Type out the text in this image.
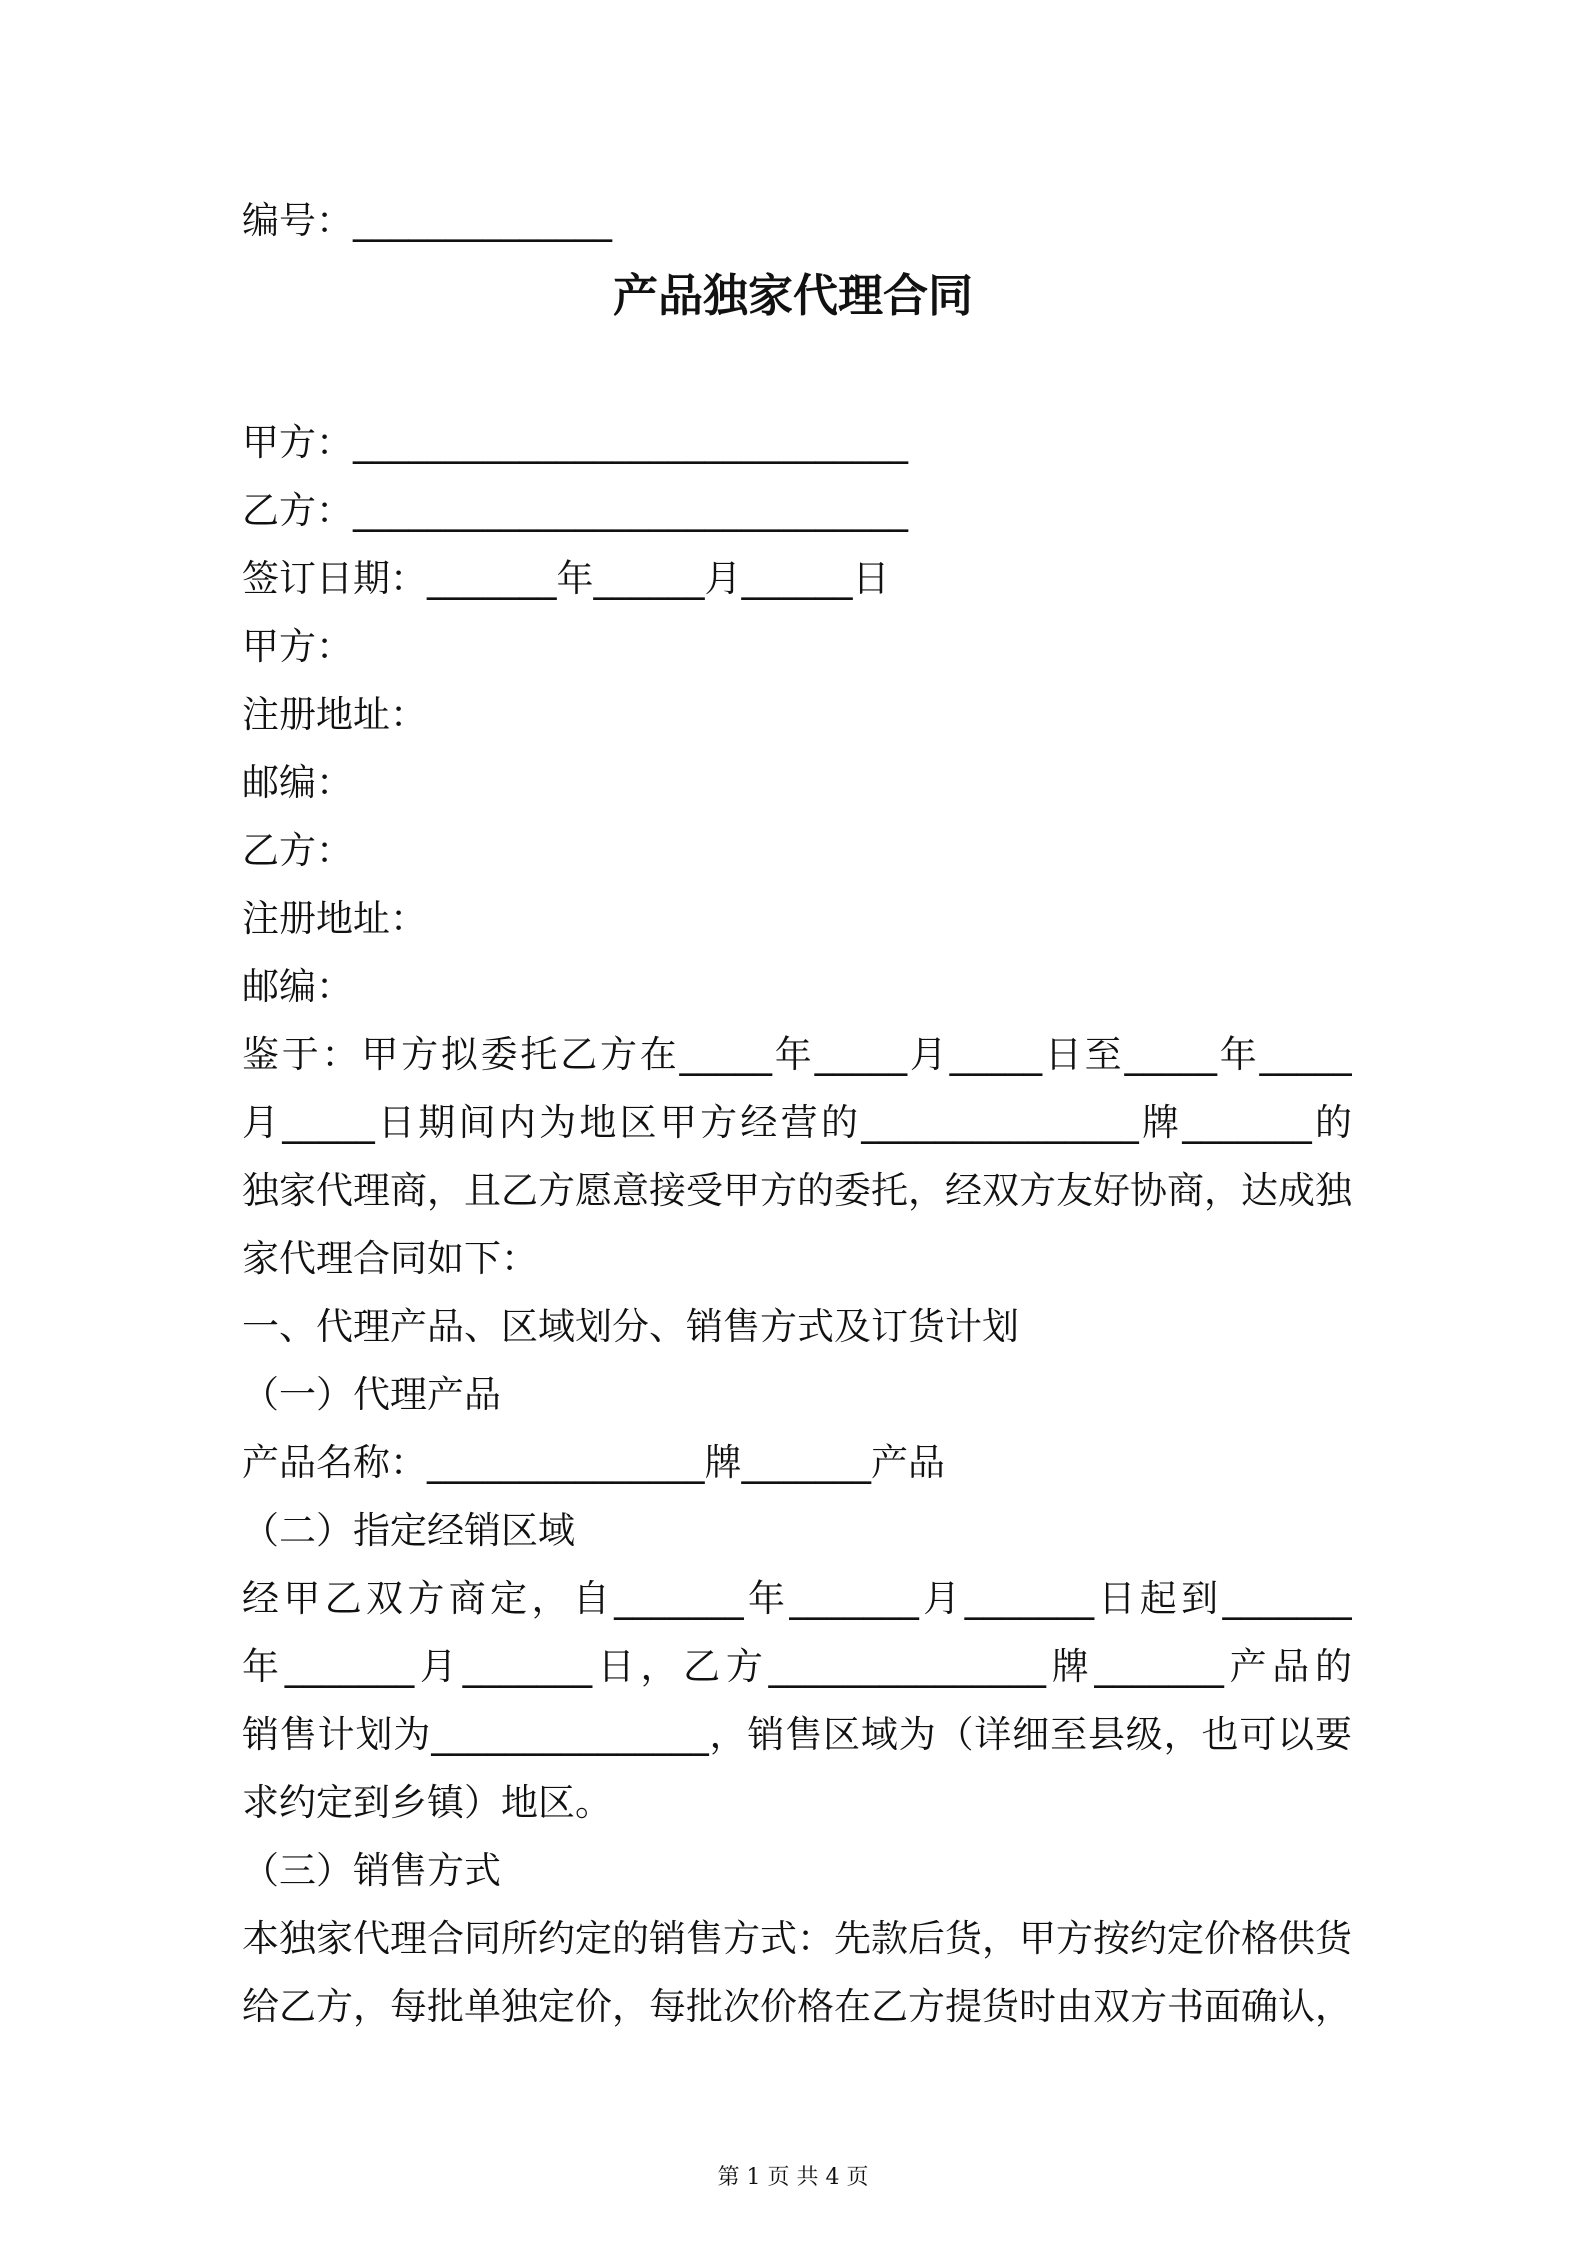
编号：______________
产品独家代理合同
甲方：______________________________
乙方：______________________________
签订日期：_______年______月______日
甲方：
注册地址：
邮编：
乙方：
注册地址：
邮编：
鉴于：甲方拟委托乙方在_____年_____月_____日至_____年_____
月_____日期间内为地区甲方经营的_______________牌_______的
独家代理商，且乙方愿意接受甲方的委托，经双方友好协商，达成独
家代理合同如下：
一、代理产品、区域划分、销售方式及订货计划
（一）代理产品
产品名称：_______________牌_______产品
（二）指定经销区域
经甲乙双方商定，自_______年_______月_______日起到_______
年_______月_______日，乙方_______________牌_______产品的
销售计划为_______________，销售区域为（详细至县级，也可以要
求约定到乡镇）地区。
（三）销售方式
本独家代理合同所约定的销售方式：先款后货，甲方按约定价格供货
给乙方，每批单独定价，每批次价格在乙方提货时由双方书面确认，
第 1 页 共 4 页
